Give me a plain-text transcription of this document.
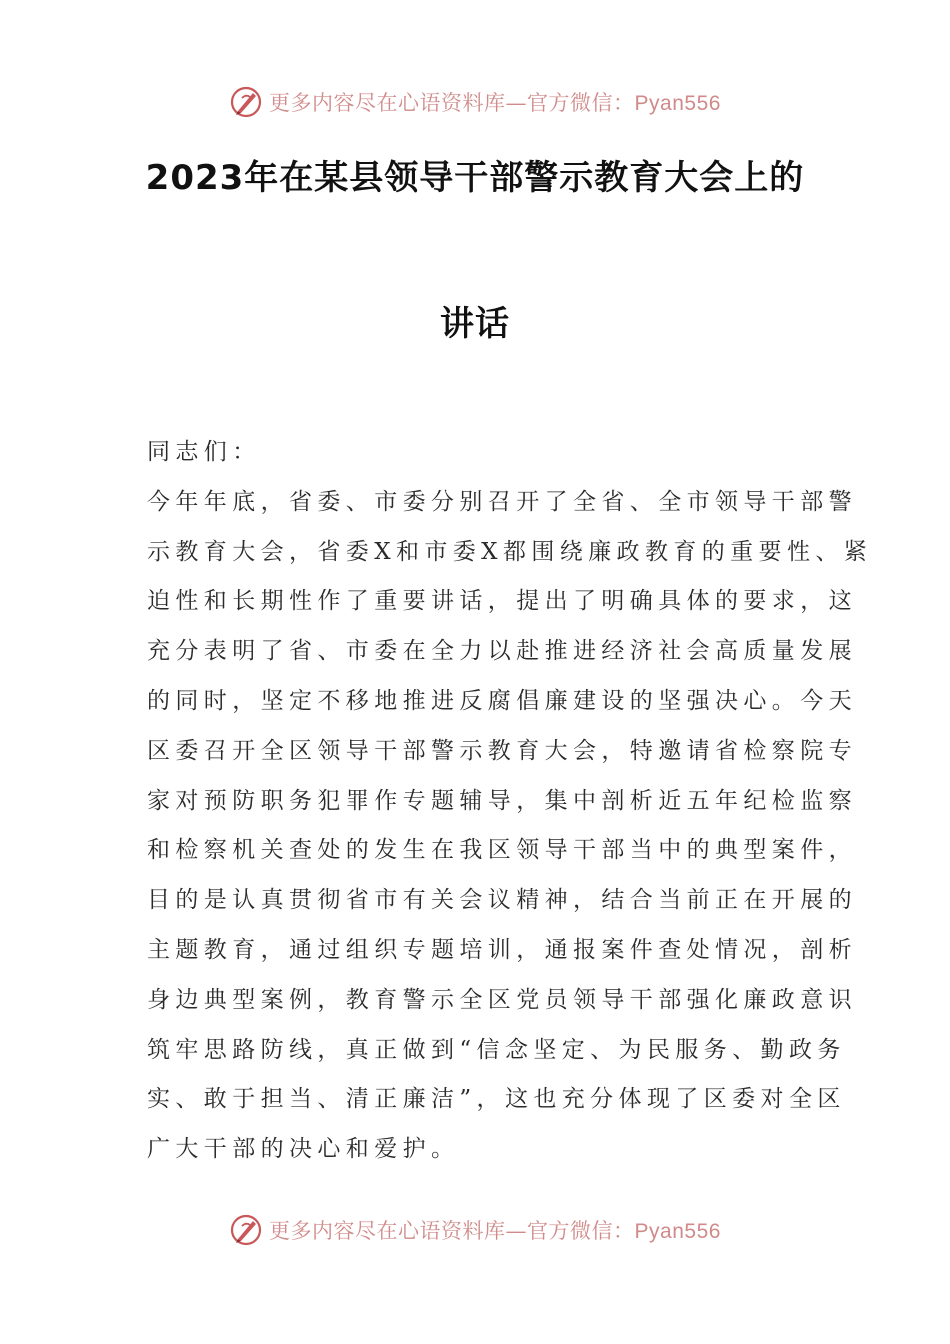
更多内容尽在心语资料库—官方微信：Pyan556
2023年在某县领导干部警示教育大会上的
讲话
同志们：
今年年底，省委、市委分别召开了全省、全市领导干部警
示教育大会，省委X和市委X都围绕廉政教育的重要性、紧
迫性和长期性作了重要讲话，提出了明确具体的要求，这
充分表明了省、市委在全力以赴推进经济社会高质量发展
的同时，坚定不移地推进反腐倡廉建设的坚强决心。今天
区委召开全区领导干部警示教育大会，特邀请省检察院专
家对预防职务犯罪作专题辅导，集中剖析近五年纪检监察
和检察机关查处的发生在我区领导干部当中的典型案件，
目的是认真贯彻省市有关会议精神，结合当前正在开展的
主题教育，通过组织专题培训，通报案件查处情况，剖析
身边典型案例，教育警示全区党员领导干部强化廉政意识
筑牢思路防线，真正做到“信念坚定、为民服务、勤政务
实、敢于担当、清正廉洁”，这也充分体现了区委对全区
广大干部的决心和爱护。
更多内容尽在心语资料库—官方微信：Pyan556
